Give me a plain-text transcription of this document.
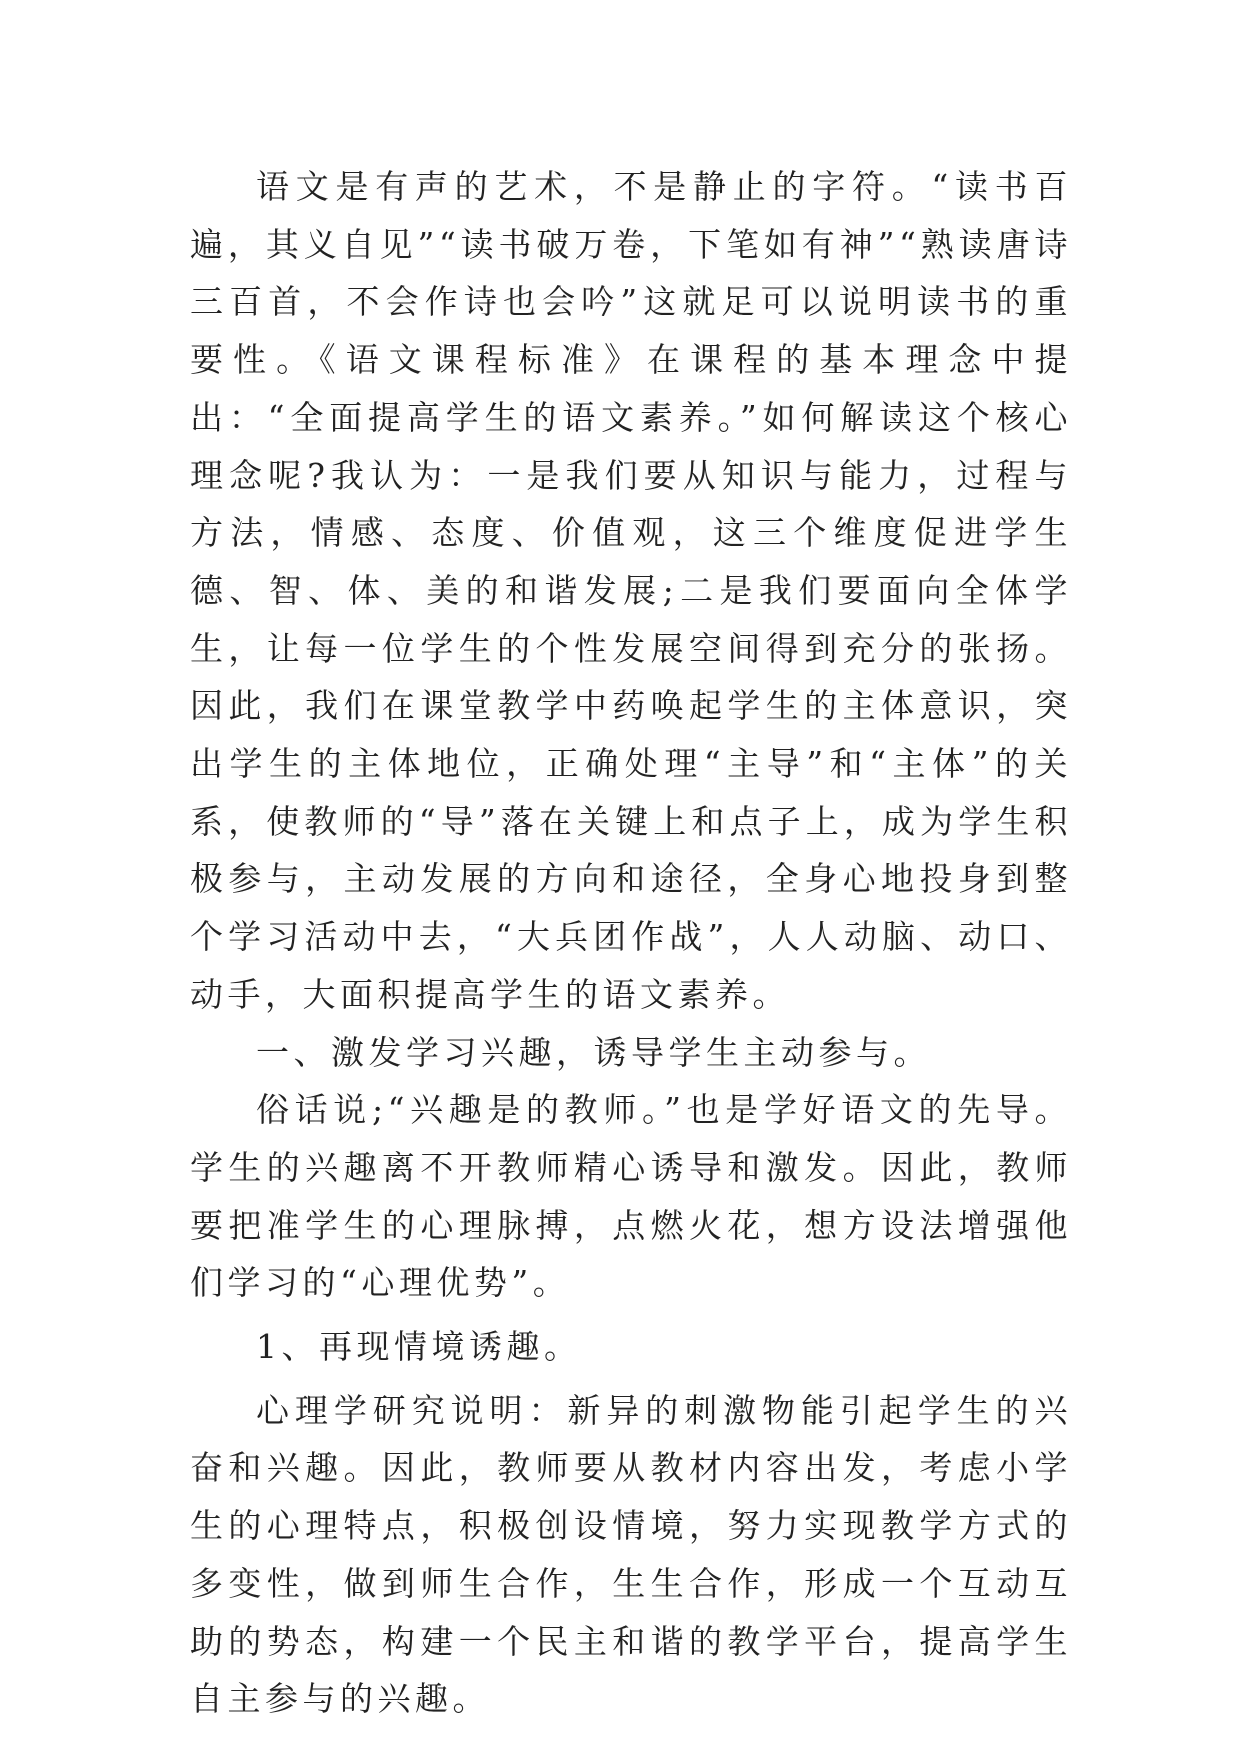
语文是有声的艺术，不是静止的字符。“读书百遍，其义自见”“读书破万卷，下笔如有神”“熟读唐诗三百首，不会作诗也会吟”这就足可以说明读书的重要性。《语文课程标准》在课程的基本理念中提出：“全面提高学生的语文素养。”如何解读这个核心理念呢?我认为：一是我们要从知识与能力，过程与方法，情感、态度、价值观，这三个维度促进学生德、智、体、美的和谐发展;二是我们要面向全体学生，让每一位学生的个性发展空间得到充分的张扬。因此，我们在课堂教学中药唤起学生的主体意识，突出学生的主体地位，正确处理“主导”和“主体”的关系，使教师的“导”落在关键上和点子上，成为学生积极参与，主动发展的方向和途径，全身心地投身到整个学习活动中去，“大兵团作战”，人人动脑、动口、动手，大面积提高学生的语文素养。

一、激发学习兴趣，诱导学生主动参与。

俗话说;“兴趣是的教师。”也是学好语文的先导。学生的兴趣离不开教师精心诱导和激发。因此，教师要把准学生的心理脉搏，点燃火花，想方设法增强他们学习的“心理优势”。

1、再现情境诱趣。

心理学研究说明：新异的刺激物能引起学生的兴奋和兴趣。因此，教师要从教材内容出发，考虑小学生的心理特点，积极创设情境，努力实现教学方式的多变性，做到师生合作，生生合作，形成一个互动互助的势态，构建一个民主和谐的教学平台，提高学生自主参与的兴趣。
